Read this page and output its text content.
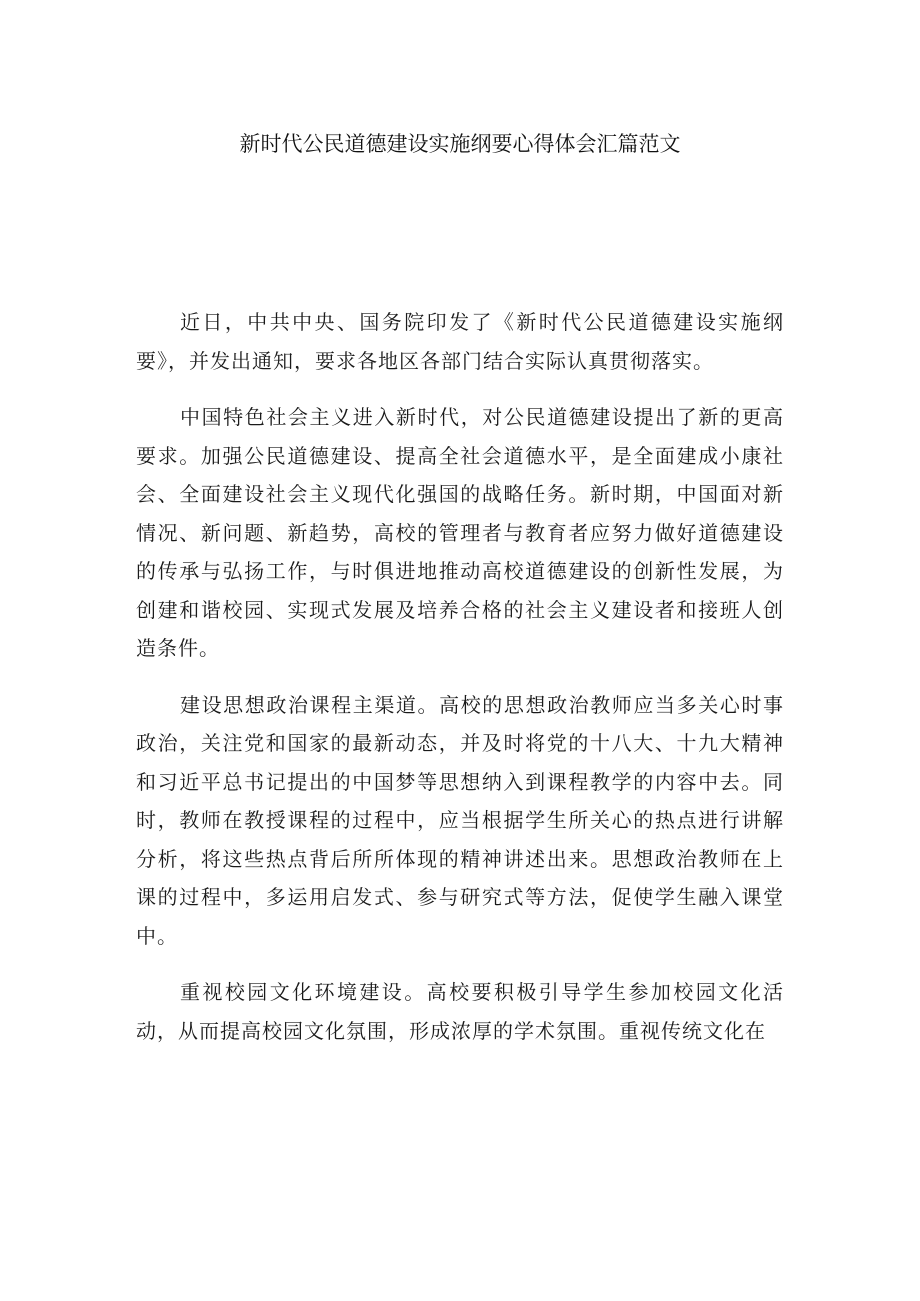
新时代公民道德建设实施纲要心得体会汇篇范文

近日，中共中央、国务院印发了《新时代公民道德建设实施纲要》，并发出通知，要求各地区各部门结合实际认真贯彻落实。

中国特色社会主义进入新时代，对公民道德建设提出了新的更高要求。加强公民道德建设、提高全社会道德水平，是全面建成小康社会、全面建设社会主义现代化强国的战略任务。新时期，中国面对新情况、新问题、新趋势，高校的管理者与教育者应努力做好道德建设的传承与弘扬工作，与时俱进地推动高校道德建设的创新性发展，为创建和谐校园、实现式发展及培养合格的社会主义建设者和接班人创造条件。

建设思想政治课程主渠道。高校的思想政治教师应当多关心时事政治，关注党和国家的最新动态，并及时将党的十八大、十九大精神和习近平总书记提出的中国梦等思想纳入到课程教学的内容中去。同时，教师在教授课程的过程中，应当根据学生所关心的热点进行讲解分析，将这些热点背后所所体现的精神讲述出来。思想政治教师在上课的过程中，多运用启发式、参与研究式等方法，促使学生融入课堂中。

重视校园文化环境建设。高校要积极引导学生参加校园文化活动，从而提高校园文化氛围，形成浓厚的学术氛围。重视传统文化在
